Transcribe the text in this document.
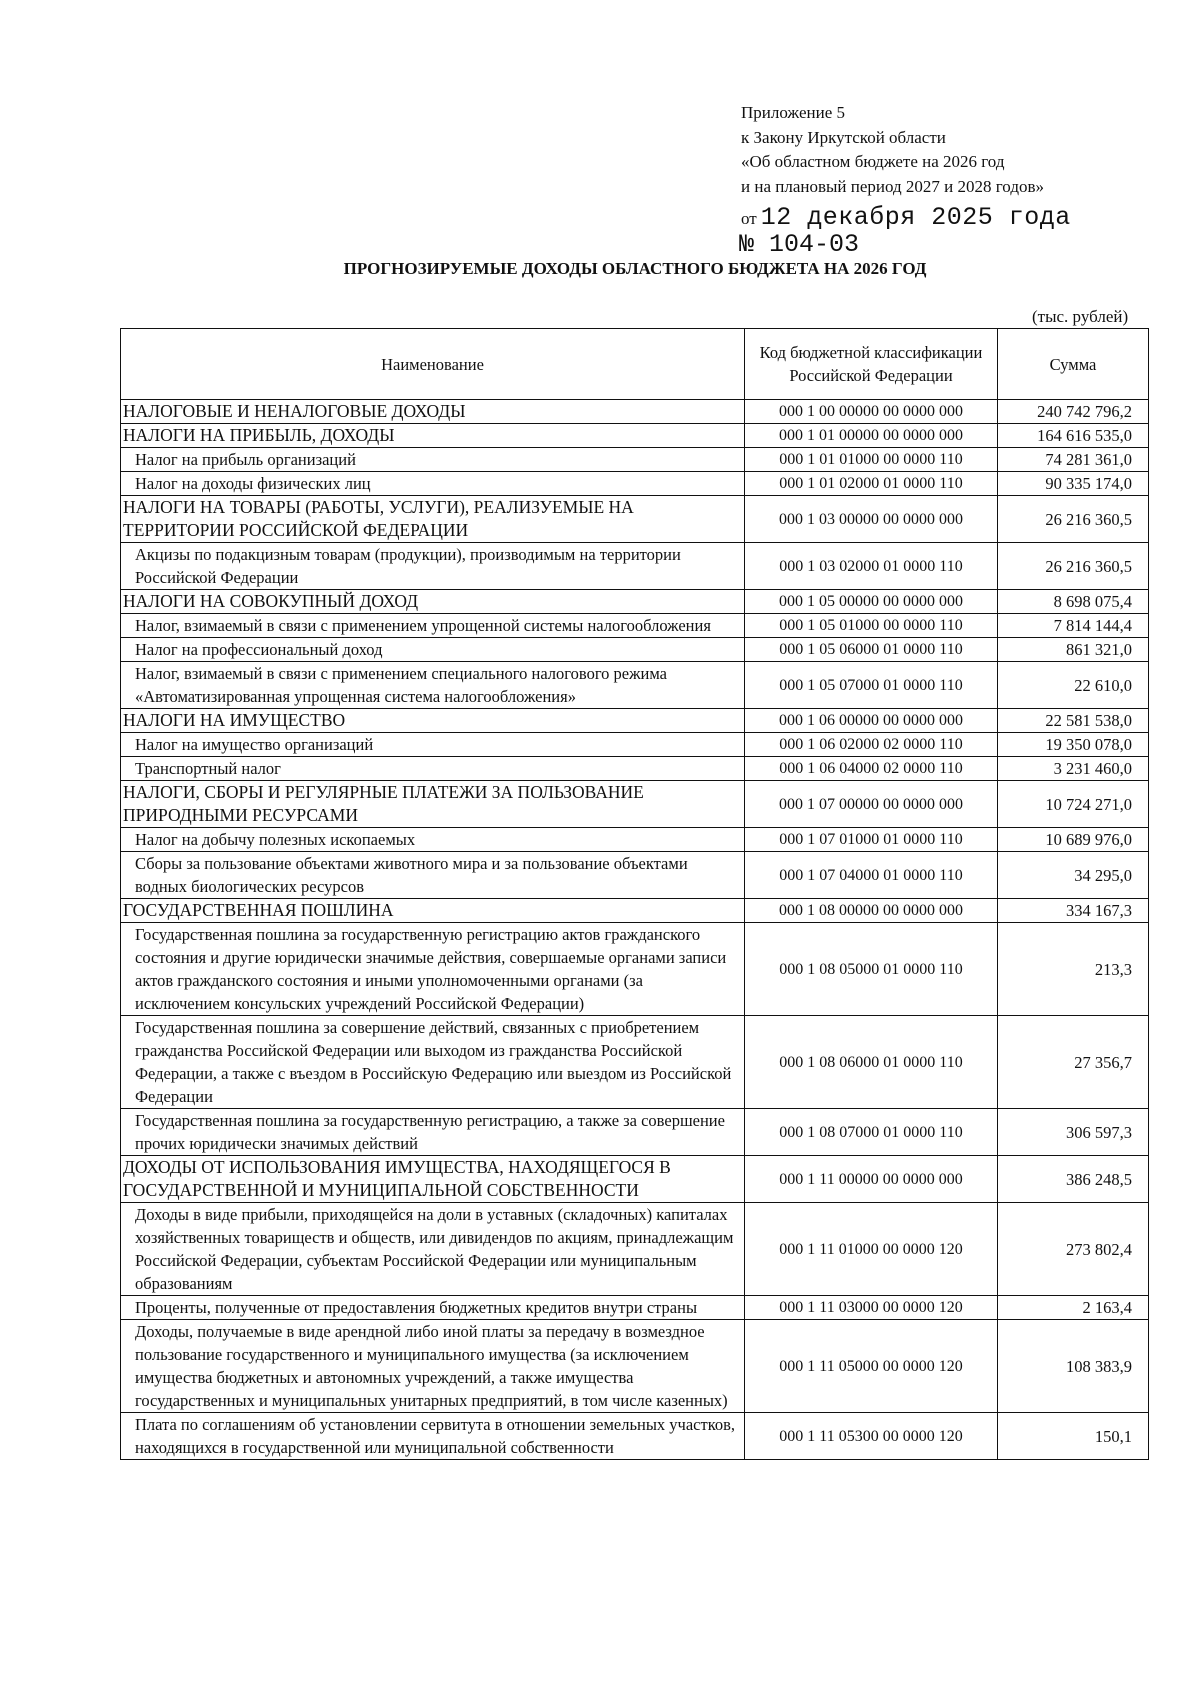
Приложение 5
к Закону Иркутской области
«Об областном бюджете на 2026 год
и на плановый период 2027 и 2028 годов»
от 12 декабря 2025 года
№ 104-03
ПРОГНОЗИРУЕМЫЕ ДОХОДЫ ОБЛАСТНОГО БЮДЖЕТА НА 2026 ГОД
(тыс. рублей)
Наименование	Код бюджетной классификации Российской Федерации	Сумма
НАЛОГОВЫЕ И НЕНАЛОГОВЫЕ ДОХОДЫ	000 1 00 00000 00 0000 000	240 742 796,2
НАЛОГИ НА ПРИБЫЛЬ, ДОХОДЫ	000 1 01 00000 00 0000 000	164 616 535,0
Налог на прибыль организаций	000 1 01 01000 00 0000 110	74 281 361,0
Налог на доходы физических лиц	000 1 01 02000 01 0000 110	90 335 174,0
НАЛОГИ НА ТОВАРЫ (РАБОТЫ, УСЛУГИ), РЕАЛИЗУЕМЫЕ НА ТЕРРИТОРИИ РОССИЙСКОЙ ФЕДЕРАЦИИ	000 1 03 00000 00 0000 000	26 216 360,5
Акцизы по подакцизным товарам (продукции), производимым на территории Российской Федерации	000 1 03 02000 01 0000 110	26 216 360,5
НАЛОГИ НА СОВОКУПНЫЙ ДОХОД	000 1 05 00000 00 0000 000	8 698 075,4
Налог, взимаемый в связи с применением упрощенной системы налогообложения	000 1 05 01000 00 0000 110	7 814 144,4
Налог на профессиональный доход	000 1 05 06000 01 0000 110	861 321,0
Налог, взимаемый в связи с применением специального налогового режима «Автоматизированная упрощенная система налогообложения»	000 1 05 07000 01 0000 110	22 610,0
НАЛОГИ НА ИМУЩЕСТВО	000 1 06 00000 00 0000 000	22 581 538,0
Налог на имущество организаций	000 1 06 02000 02 0000 110	19 350 078,0
Транспортный налог	000 1 06 04000 02 0000 110	3 231 460,0
НАЛОГИ, СБОРЫ И РЕГУЛЯРНЫЕ ПЛАТЕЖИ ЗА ПОЛЬЗОВАНИЕ ПРИРОДНЫМИ РЕСУРСАМИ	000 1 07 00000 00 0000 000	10 724 271,0
Налог на добычу полезных ископаемых	000 1 07 01000 01 0000 110	10 689 976,0
Сборы за пользование объектами животного мира и за пользование объектами водных биологических ресурсов	000 1 07 04000 01 0000 110	34 295,0
ГОСУДАРСТВЕННАЯ ПОШЛИНА	000 1 08 00000 00 0000 000	334 167,3
Государственная пошлина за государственную регистрацию актов гражданского состояния и другие юридически значимые действия, совершаемые органами записи актов гражданского состояния и иными уполномоченными органами (за исключением консульских учреждений Российской Федерации)	000 1 08 05000 01 0000 110	213,3
Государственная пошлина за совершение действий, связанных с приобретением гражданства Российской Федерации или выходом из гражданства Российской Федерации, а также с въездом в Российскую Федерацию или выездом из Российской Федерации	000 1 08 06000 01 0000 110	27 356,7
Государственная пошлина за государственную регистрацию, а также за совершение прочих юридически значимых действий	000 1 08 07000 01 0000 110	306 597,3
ДОХОДЫ ОТ ИСПОЛЬЗОВАНИЯ ИМУЩЕСТВА, НАХОДЯЩЕГОСЯ В ГОСУДАРСТВЕННОЙ И МУНИЦИПАЛЬНОЙ СОБСТВЕННОСТИ	000 1 11 00000 00 0000 000	386 248,5
Доходы в виде прибыли, приходящейся на доли в уставных (складочных) капиталах хозяйственных товариществ и обществ, или дивидендов по акциям, принадлежащим Российской Федерации, субъектам Российской Федерации или муниципальным образованиям	000 1 11 01000 00 0000 120	273 802,4
Проценты, полученные от предоставления бюджетных кредитов внутри страны	000 1 11 03000 00 0000 120	2 163,4
Доходы, получаемые в виде арендной либо иной платы за передачу в возмездное пользование государственного и муниципального имущества (за исключением имущества бюджетных и автономных учреждений, а также имущества государственных и муниципальных унитарных предприятий, в том числе казенных)	000 1 11 05000 00 0000 120	108 383,9
Плата по соглашениям об установлении сервитута в отношении земельных участков, находящихся в государственной или муниципальной собственности	000 1 11 05300 00 0000 120	150,1
